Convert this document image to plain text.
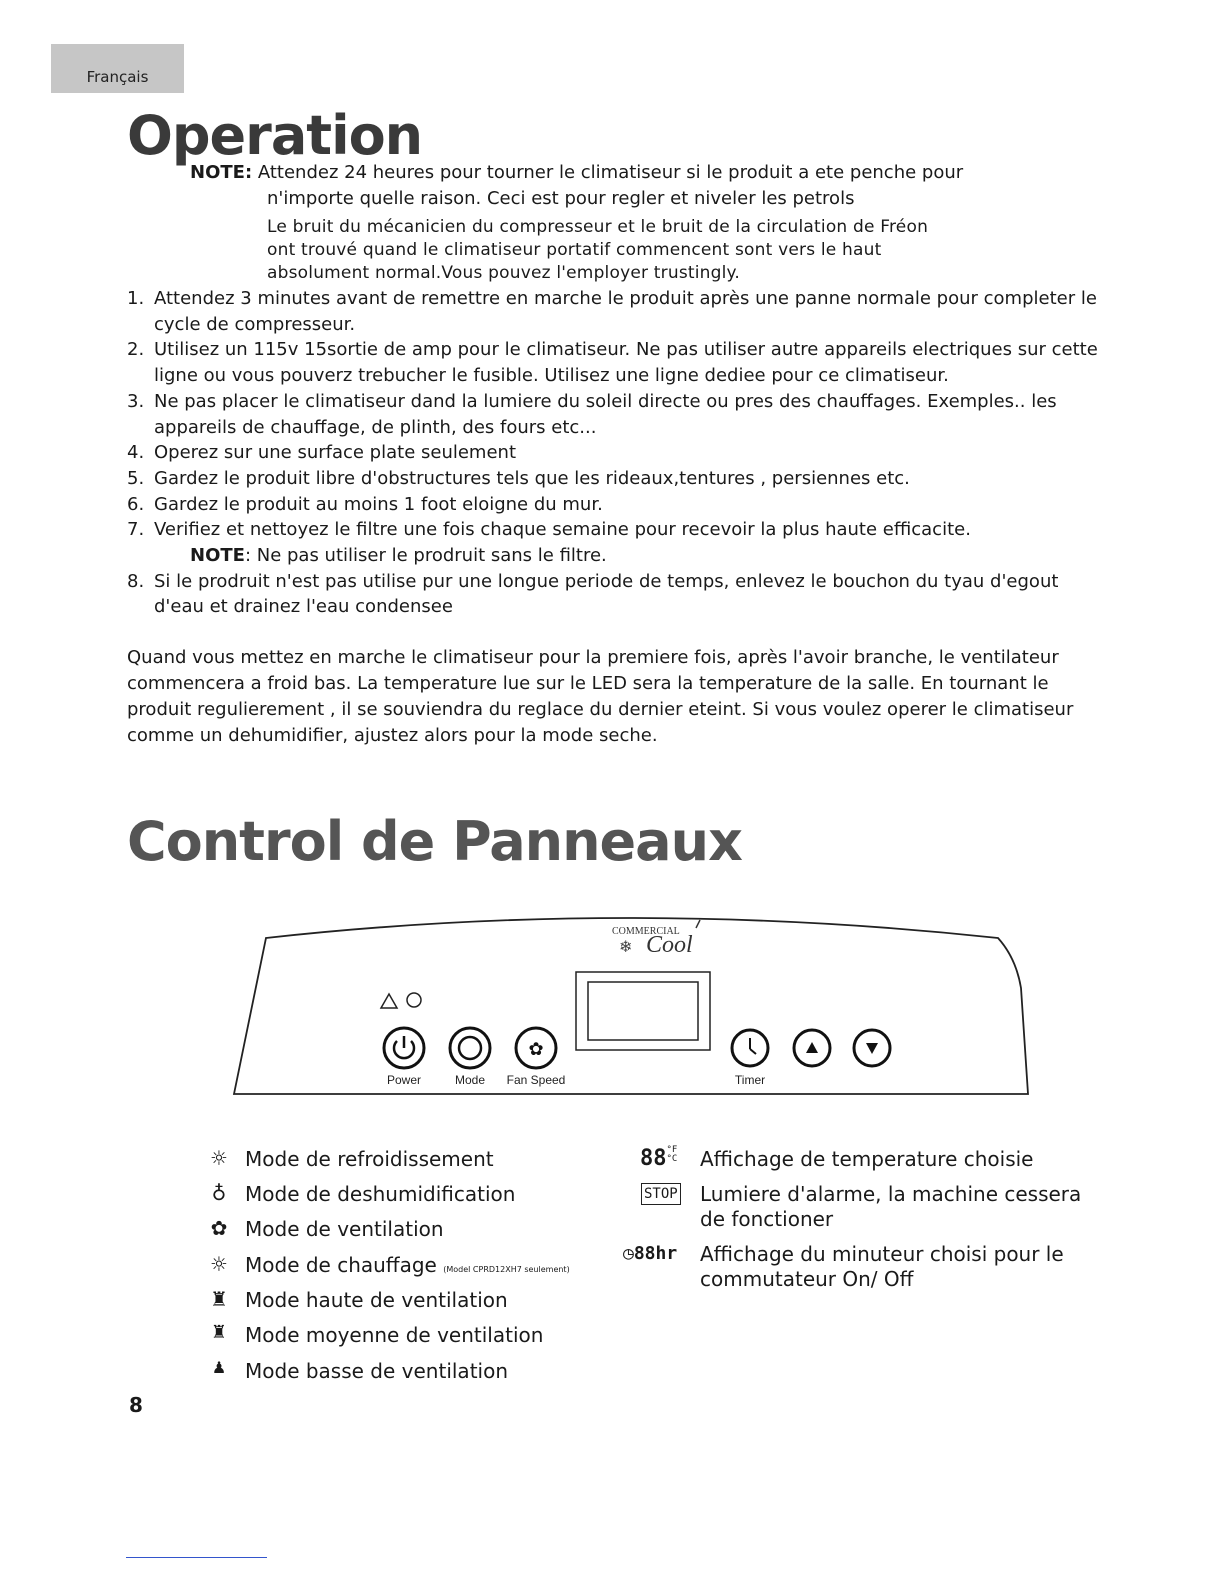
Français
Operation
NOTE: Attendez 24 heures pour tourner le climatiseur si le produit a ete penche pour
n'importe quelle raison. Ceci est pour regler et niveler les petrols
Le bruit du mécanicien du compresseur et le bruit de la circulation de Fréon
ont trouvé quand le climatiseur portatif commencent sont vers le haut
absolument normal.Vous pouvez l'employer trustingly.
1. Attendez 3 minutes avant de remettre en marche le produit après une panne normale pour completer le cycle de compresseur.
2. Utilisez un 115v 15sortie de amp pour le climatiseur. Ne pas utiliser autre appareils electriques sur cette ligne ou vous pouverz trebucher le fusible. Utilisez une ligne dediee pour ce climatiseur.
3. Ne pas placer le climatiseur dand la lumiere du soleil directe ou pres des chauffages. Exemples.. les appareils de chauffage, de plinth, des fours etc...
4. Operez sur une surface plate seulement
5. Gardez le produit libre d'obstructures tels que les rideaux,tentures , persiennes etc.
6. Gardez le produit au moins 1 foot eloigne du mur.
7. Verifiez et nettoyez le filtre une fois chaque semaine pour recevoir la plus haute efficacite.
NOTE: Ne pas utiliser le prodruit sans le filtre.
8. Si le prodruit n'est pas utilise pur une longue periode de temps, enlevez le bouchon du tyau d'egout d'eau et drainez l'eau condensee

Quand vous mettez en marche le climatiseur pour la premiere fois, après l'avoir branche, le ventilateur commencera a froid bas. La temperature lue sur le LED sera la temperature de la salle. En tournant le produit regulierement , il se souviendra du reglace du dernier eteint. Si vous voulez operer le climatiseur comme un dehumidifier, ajustez alors pour la mode seche.

Control de Panneaux
COMMERCIAL
Cool
❄
Power	Mode
✿
Fan Speed	Timer
☼ Mode de refroidissement
♁ Mode de deshumidification
✿ Mode de ventilation
☼ Mode de chauffage (Model CPRD12XH7 seulement)
♜ Mode haute de ventilation
♜ Mode moyenne de ventilation
♟ Mode basse de ventilation
88°F
°C Affichage de temperature choisie
STOP Lumiere d'alarme, la machine cessera
de fonctioner
◷88hr Affichage du minuteur choisi pour le
commutateur On/ Off

8
